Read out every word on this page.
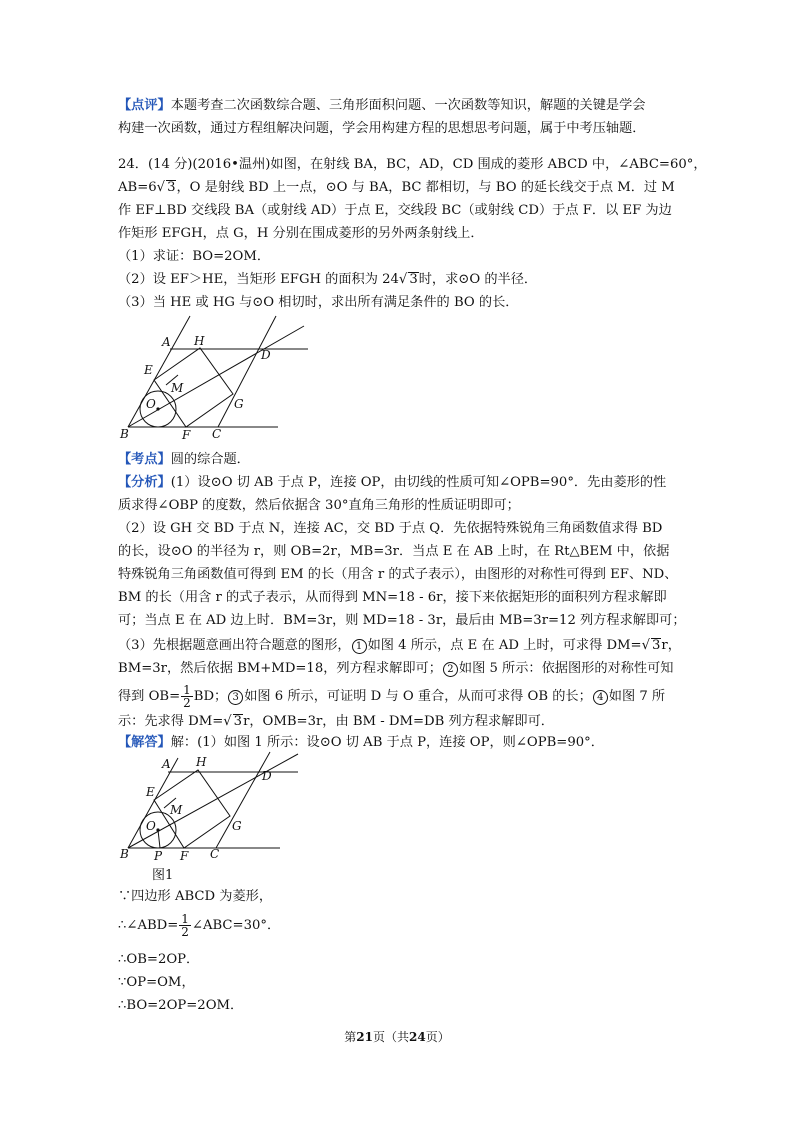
【点评】本题考查二次函数综合题、三角形面积问题、一次函数等知识，解题的关键是学会
构建一次函数，通过方程组解决问题，学会用构建方程的思想思考问题，属于中考压轴题．
24．(14 分)(2016•温州)如图，在射线 BA，BC，AD，CD 围成的菱形 ABCD 中，∠ABC=60°，
AB=6√ 3，O 是射线 BD 上一点，⊙O 与 BA，BC 都相切，与 BO 的延长线交于点 M．过 M
作 EF⊥BD 交线段 BA（或射线 AD）于点 E，交线段 BC（或射线 CD）于点 F．以 EF 为边
作矩形 EFGH，点 G，H 分别在围成菱形的另外两条射线上．
（1）求证：BO=2OM．
（2）设 EF＞HE，当矩形 EFGH 的面积为 24√ 3时，求⊙O 的半径．
（3）当 HE 或 HG 与⊙O 相切时，求出所有满足条件的 BO 的长．
A H
D
E
M
O	G
B	F C
【考点】圆的综合题．
【分析】(1）设⊙O 切 AB 于点 P，连接 OP，由切线的性质可知∠OPB=90°．先由菱形的性
质求得∠OBP 的度数，然后依据含 30°直角三角形的性质证明即可；
（2）设 GH 交 BD 于点 N，连接 AC，交 BD 于点 Q．先依据特殊锐角三角函数值求得 BD
的长，设⊙O 的半径为 r，则 OB=2r，MB=3r．当点 E 在 AB 上时，在 Rt△BEM 中，依据
特殊锐角三角函数值可得到 EM 的长（用含 r 的式子表示），由图形的对称性可得到 EF、ND、
BM 的长（用含 r 的式子表示，从而得到 MN=18 - 6r，接下来依据矩形的面积列方程求解即
可；当点 E 在 AD 边上时．BM=3r，则 MD=18 - 3r，最后由 MB=3r=12 列方程求解即可；
（3）先根据题意画出符合题意的图形， 1 如图 4 所示，点 E 在 AD 上时，可求得 DM=√ 3r，
BM=3r，然后依据 BM+MD=18，列方程求解即可； 2 如图 5 所示：依据图形的对称性可知
得到 $OB= \frac{1}{2}$ BD； 3 如图 6 所示，可证明 D 与 O 重合，从而可求得 OB 的长； 4 如图 7 所
示：先求得 DM=√ 3r，OMB=3r，由 BM - DM=DB 列方程求解即可．
【解答】解：(1）如图 1 所示：设⊙O 切 AB 于点 P，连接 OP，则∠OPB=90°．
A H
D
E
M
O	G
B P F C
图1
∵四边形 ABCD 为菱形，
∴∠ABD= $\frac{1}{2}$ ∠ABC=30°．
∴OB=2OP．
∵OP=OM，
∴BO=2OP=2OM．
第21页（共24页）
